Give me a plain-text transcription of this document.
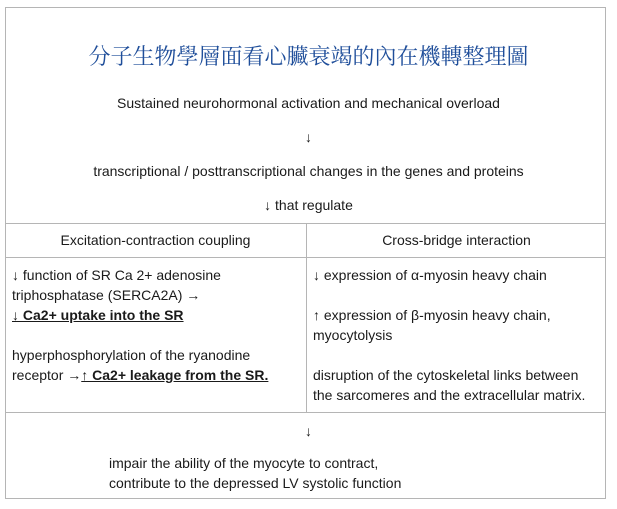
分子生物學層面看心臟衰竭的內在機轉整理圖
Sustained neurohormonal activation and mechanical overload
↓
transcriptional / posttranscriptional changes in the genes and proteins
↓ that regulate
Excitation-contraction coupling	Cross-bridge interaction

↓ function of SR Ca 2+ adenosine

triphosphatase (SERCA2A) →

↓ Ca2+ uptake into the SR

hyperphosphorylation of the ryanodine

receptor →↑ Ca2+ leakage from the SR.

↓ expression of α-myosin heavy chain

↑ expression of β-myosin heavy chain,

myocytolysis

disruption of the cytoskeletal links between

the sarcomeres and the extracellular matrix.

↓
impair the ability of the myocyte to contract,
contribute to the depressed LV systolic function
